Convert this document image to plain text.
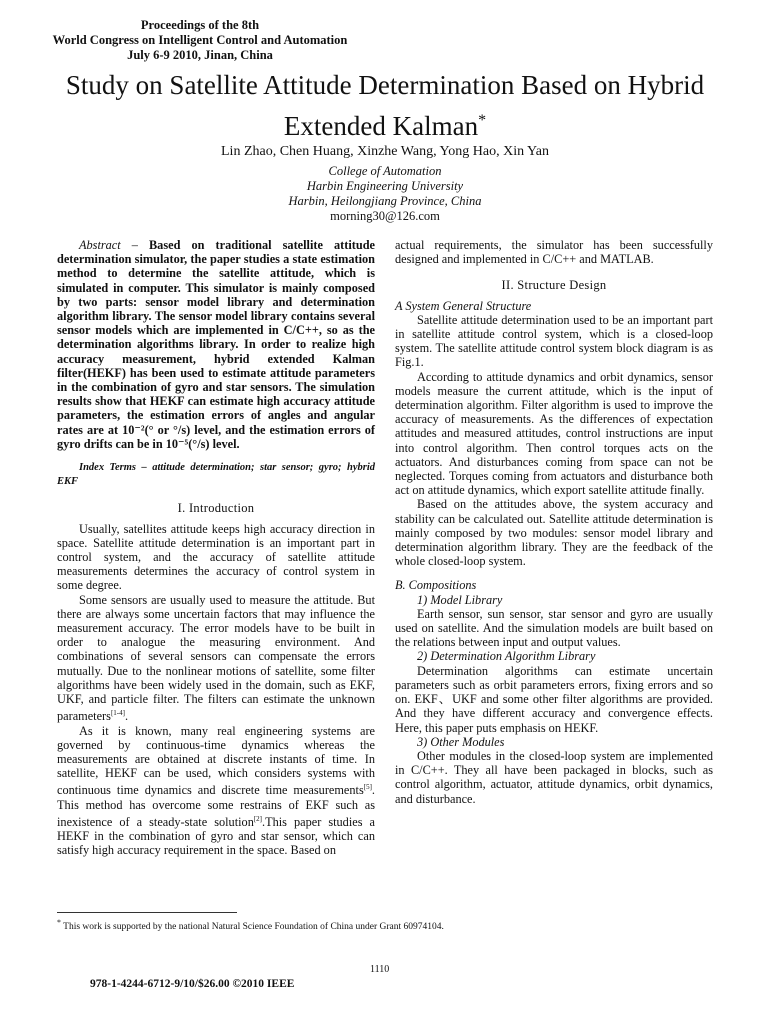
Proceedings of the 8th
World Congress on Intelligent Control and Automation
July 6-9 2010, Jinan, China
Study on Satellite Attitude Determination Based on Hybrid
Extended Kalman*
Lin Zhao, Chen Huang, Xinzhe Wang, Yong Hao, Xin Yan
College of Automation
Harbin Engineering University
Harbin, Heilongjiang Province, China
morning30@126.com

Abstract – Based on traditional satellite attitude determination simulator, the paper studies a state estimation method to determine the satellite attitude, which is simulated in computer. This simulator is mainly composed by two parts: sensor model library and determination algorithm library. The sensor model library contains several sensor models which are implemented in C/C++, so as the determination algorithms library. In order to realize high accuracy measurement, hybrid extended Kalman filter(HEKF) has been used to estimate attitude parameters in the combination of gyro and star sensors. The simulation results show that HEKF can estimate high accuracy attitude parameters, the estimation errors of angles and angular rates are at 10⁻²(° or °/s) level, and the estimation errors of gyro drifts can be in 10⁻⁵(°/s) level.

Index Terms – attitude determination; star sensor; gyro; hybrid EKF

I. Introduction

Usually, satellites attitude keeps high accuracy direction in space. Satellite attitude determination is an important part in control system, and the accuracy of satellite attitude measurements determines the accuracy of control system in some degree.

Some sensors are usually used to measure the attitude. But there are always some uncertain factors that may influence the measurement accuracy. The error models have to be built in order to analogue the measuring environment. And combinations of several sensors can compensate the errors mutually. Due to the nonlinear motions of satellite, some filter algorithms have been widely used in the domain, such as EKF, UKF, and particle filter. The filters can estimate the unknown parameters[1-4].

As it is known, many real engineering systems are governed by continuous-time dynamics whereas the measurements are obtained at discrete instants of time. In satellite, HEKF can be used, which considers systems with continuous time dynamics and discrete time measurements[5]. This method has overcome some restrains of EKF such as inexistence of a steady-state solution[2].This paper studies a HEKF in the combination of gyro and star sensor, which can satisfy high accuracy requirement in the space. Based on

actual requirements, the simulator has been successfully designed and implemented in C/C++ and MATLAB.

II. Structure Design
A System General Structure

Satellite attitude determination used to be an important part in satellite attitude control system, which is a closed-loop system. The satellite attitude control system block diagram is as Fig.1.

According to attitude dynamics and orbit dynamics, sensor models measure the current attitude, which is the input of determination algorithm. Filter algorithm is used to improve the accuracy of measurements. As the differences of expectation attitudes and measured attitudes, control instructions are input into control algorithm. Then control torques acts on the actuators. And disturbances coming from space can not be neglected. Torques coming from actuators and disturbance both act on attitude dynamics, which export satellite attitude finally.

Based on the attitudes above, the system accuracy and stability can be calculated out. Satellite attitude determination is mainly composed by two modules: sensor model library and determination algorithm library. They are the feedback of the whole closed-loop system.

B. Compositions
1) Model Library

Earth sensor, sun sensor, star sensor and gyro are usually used on satellite. And the simulation models are built based on the relations between input and output values.

2) Determination Algorithm Library

Determination algorithms can estimate uncertain parameters such as orbit parameters errors, fixing errors and so on. EKF、UKF and some other filter algorithms are provided. And they have different accuracy and convergence effects. Here, this paper puts emphasis on HEKF.

3) Other Modules

Other modules in the closed-loop system are implemented in C/C++. They all have been packaged in blocks, such as control algorithm, actuator, attitude dynamics, orbit dynamics, and disturbance.

* This work is supported by the national Natural Science Foundation of China under Grant 60974104.
1110
978-1-4244-6712-9/10/$26.00 ©2010 IEEE
